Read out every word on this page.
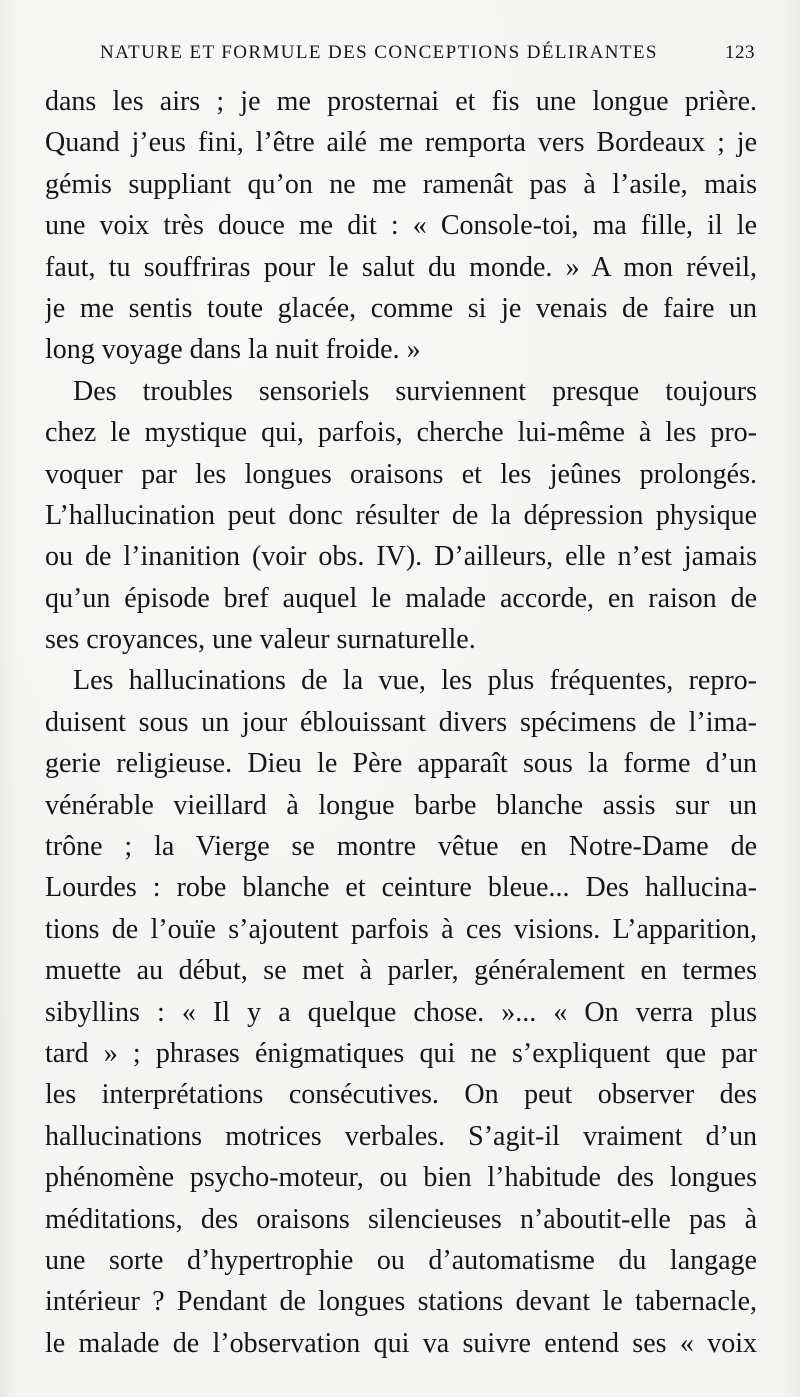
NATURE ET FORMULE DES CONCEPTIONS DÉLIRANTES	123
dans les airs ; je me prosternai et fis une longue prière.
Quand j’eus fini, l’être ailé me remporta vers Bordeaux ; je
gémis suppliant qu’on ne me ramenât pas à l’asile, mais
une voix très douce me dit : « Console-toi, ma fille, il le
faut, tu souffriras pour le salut du monde. » A mon réveil,
je me sentis toute glacée, comme si je venais de faire un
long voyage dans la nuit froide. »
Des troubles sensoriels surviennent presque toujours
chez le mystique qui, parfois, cherche lui-même à les pro-
voquer par les longues oraisons et les jeûnes prolongés.
L’hallucination peut donc résulter de la dépression physique
ou de l’inanition (voir obs. IV). D’ailleurs, elle n’est jamais
qu’un épisode bref auquel le malade accorde, en raison de
ses croyances, une valeur surnaturelle.
Les hallucinations de la vue, les plus fréquentes, repro-
duisent sous un jour éblouissant divers spécimens de l’ima-
gerie religieuse. Dieu le Père apparaît sous la forme d’un
vénérable vieillard à longue barbe blanche assis sur un
trône ; la Vierge se montre vêtue en Notre-Dame de
Lourdes : robe blanche et ceinture bleue... Des hallucina-
tions de l’ouïe s’ajoutent parfois à ces visions. L’apparition,
muette au début, se met à parler, généralement en termes
sibyllins : « Il y a quelque chose. »... « On verra plus
tard » ; phrases énigmatiques qui ne s’expliquent que par
les interprétations consécutives. On peut observer des
hallucinations motrices verbales. S’agit-il vraiment d’un
phénomène psycho-moteur, ou bien l’habitude des longues
méditations, des oraisons silencieuses n’aboutit-elle pas à
une sorte d’hypertrophie ou d’automatisme du langage
intérieur ? Pendant de longues stations devant le tabernacle,
le malade de l’observation qui va suivre entend ses « voix
